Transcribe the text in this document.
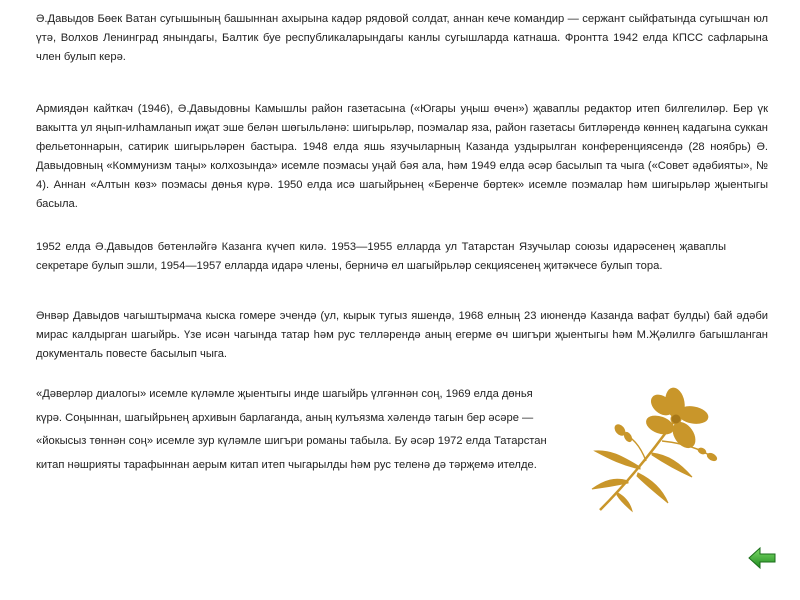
Ә.Давыдов Бөек Ватан сугышының башыннан ахырына кадәр рядовой солдат, аннан кече командир — сержант сыйфатында сугышчан юл үтә, Волхов Ленинград янындагы, Балтик буе республикаларындагы канлы сугышларда катнаша. Фронтта 1942 елда КПСС сафларына член булып керә.

Армиядән кайткач (1946), Ә.Давыдовны Камышлы район газетасына («Югары уңыш өчен») җаваплы редактор итеп билгелиләр. Бер үк вакытта ул яңып-илһамланып иҗат эше белән шөгыльләнә: шигырьләр, поэмалар яза, район газетасы битләрендә көннең кадагына суккан фельетоннарын, сатирик шигырьләрен бастыра. 1948 елда яшь язучыларның Казанда уздырылган конференциясендә (28 ноябрь) Ә. Давыдовның «Коммунизм таңы» колхозында» исемле поэмасы уңай бәя ала, һәм 1949 елда әсәр басылып та чыга («Совет әдәбияты», № 4). Аннан «Алтын көз» поэмасы дөнья күрә. 1950 елда исә шагыйрьнең «Беренче бөртек» исемле поэмалар һәм шигырьләр җыентыгы басыла.

1952 елда Ә.Давыдов бөтенләйгә Казанга күчеп килә. 1953—1955 елларда ул Татарстан Язучылар союзы идарәсенең җаваплы секретаре булып эшли, 1954—1957 елларда идарә члены, берничә ел шагыйрьләр секциясенең җитәкчесе булып тора.

Әнвәр Давыдов чагыштырмача кыска гомере эчендә (ул, кырык тугыз яшендә, 1968 елның 23 июнендә Казанда вафат булды) бай әдәби мирас калдырган шагыйрь. Үзе исән чагында татар һәм рус телләрендә аның егерме өч шигъри җыентыгы һәм М.Җәлилгә багышланган документаль повесте басылып чыга.

«Дәверләр диалогы» исемле күләмле җыентыгы инде шагыйрь үлгәннән соң, 1969 елда дөнья күрә. Соңыннан, шагыйрьнең архивын барлаганда, аның кулъязма хәлендә тагын бер әсәре — «йокысыз төннән соң» исемле зур күләмле шигъри романы табыла. Бу әсәр 1972 елда Татарстан китап нәшрияты тарафыннан аерым китап итеп чыгарылды һәм рус теленә дә тәрҗемә ителде.
